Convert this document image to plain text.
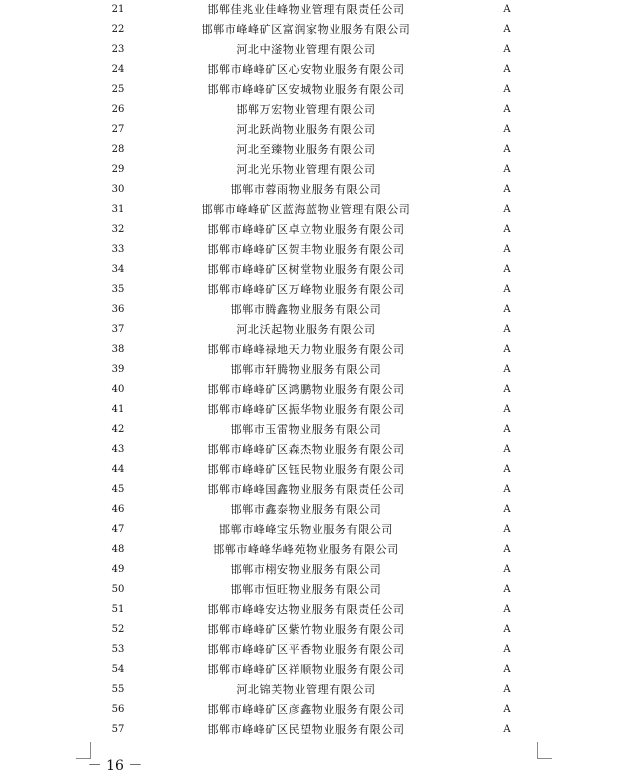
21	邯郸佳兆业佳峰物业管理有限责任公司	A
22	邯郸市峰峰矿区富润家物业服务有限公司	A
23	河北中滏物业管理有限公司	A
24	邯郸市峰峰矿区心安物业服务有限公司	A
25	邯郸市峰峰矿区安城物业服务有限公司	A
26	邯郸万宏物业管理有限公司	A
27	河北跃尚物业服务有限公司	A
28	河北至臻物业服务有限公司	A
29	河北光乐物业管理有限公司	A
30	邯郸市蓉雨物业服务有限公司	A
31	邯郸市峰峰矿区蓝海蓝物业管理有限公司	A
32	邯郸市峰峰矿区卓立物业服务有限公司	A
33	邯郸市峰峰矿区贺丰物业服务有限公司	A
34	邯郸市峰峰矿区树堂物业服务有限公司	A
35	邯郸市峰峰矿区万峰物业服务有限公司	A
36	邯郸市腾鑫物业服务有限公司	A
37	河北沃起物业服务有限公司	A
38	邯郸市峰峰禄地天力物业服务有限公司	A
39	邯郸市轩腾物业服务有限公司	A
40	邯郸市峰峰矿区鸿鹏物业服务有限公司	A
41	邯郸市峰峰矿区振华物业服务有限公司	A
42	邯郸市玉雷物业服务有限公司	A
43	邯郸市峰峰矿区森杰物业服务有限公司	A
44	邯郸市峰峰矿区钰民物业服务有限公司	A
45	邯郸市峰峰国鑫物业服务有限责任公司	A
46	邯郸市鑫泰物业服务有限公司	A
47	邯郸市峰峰宝乐物业服务有限公司	A
48	邯郸市峰峰华峰苑物业服务有限公司	A
49	邯郸市栩安物业服务有限公司	A
50	邯郸市恒旺物业服务有限公司	A
51	邯郸市峰峰安达物业服务有限责任公司	A
52	邯郸市峰峰矿区紫竹物业服务有限公司	A
53	邯郸市峰峰矿区平香物业服务有限公司	A
54	邯郸市峰峰矿区祥顺物业服务有限公司	A
55	河北锦芙物业管理有限公司	A
56	邯郸市峰峰矿区彦鑫物业服务有限公司	A
57	邯郸市峰峰矿区民望物业服务有限公司	A
－ 16 －
